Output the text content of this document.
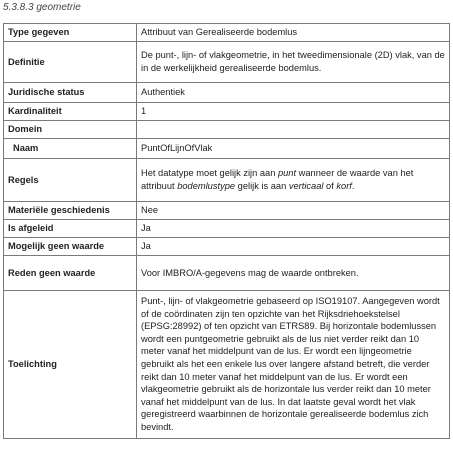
5.3.8.3 geometrie
Type gegeven	Attribuut van Gerealiseerde bodemlus
Definitie	De punt-, lijn- of vlakgeometrie, in het tweedimensionale (2D) vlak, van de in de werkelijkheid gerealiseerde bodemlus.
Juridische status	Authentiek
Kardinaliteit	1
Domein	
Naam	PuntOfLijnOfVlak
Regels	Het datatype moet gelijk zijn aan punt wanneer de waarde van het attribuut bodemlustype gelijk is aan verticaal of korf.
Materiële geschiedenis	Nee
Is afgeleid	Ja
Mogelijk geen waarde	Ja
Reden geen waarde	Voor IMBRO/A-gegevens mag de waarde ontbreken.
Toelichting	Punt-, lijn- of vlakgeometrie gebaseerd op ISO19107. Aangegeven wordt of de coördinaten zijn ten opzichte van het Rijksdriehoekstelsel (EPSG:28992) of ten opzicht van ETRS89. Bij horizontale bodemlussen wordt een puntgeometrie gebruikt als de lus niet verder reikt dan 10 meter vanaf het middelpunt van de lus. Er wordt een lijngeometrie gebruikt als het een enkele lus over langere afstand betreft, die verder reikt dan 10 meter vanaf het middelpunt van de lus. Er wordt een vlakgeometrie gebruikt als de horizontale lus verder reikt dan 10 meter vanaf het middelpunt van de lus. In dat laatste geval wordt het vlak geregistreerd waarbinnen de horizontale gerealiseerde bodemlus zich bevindt.
